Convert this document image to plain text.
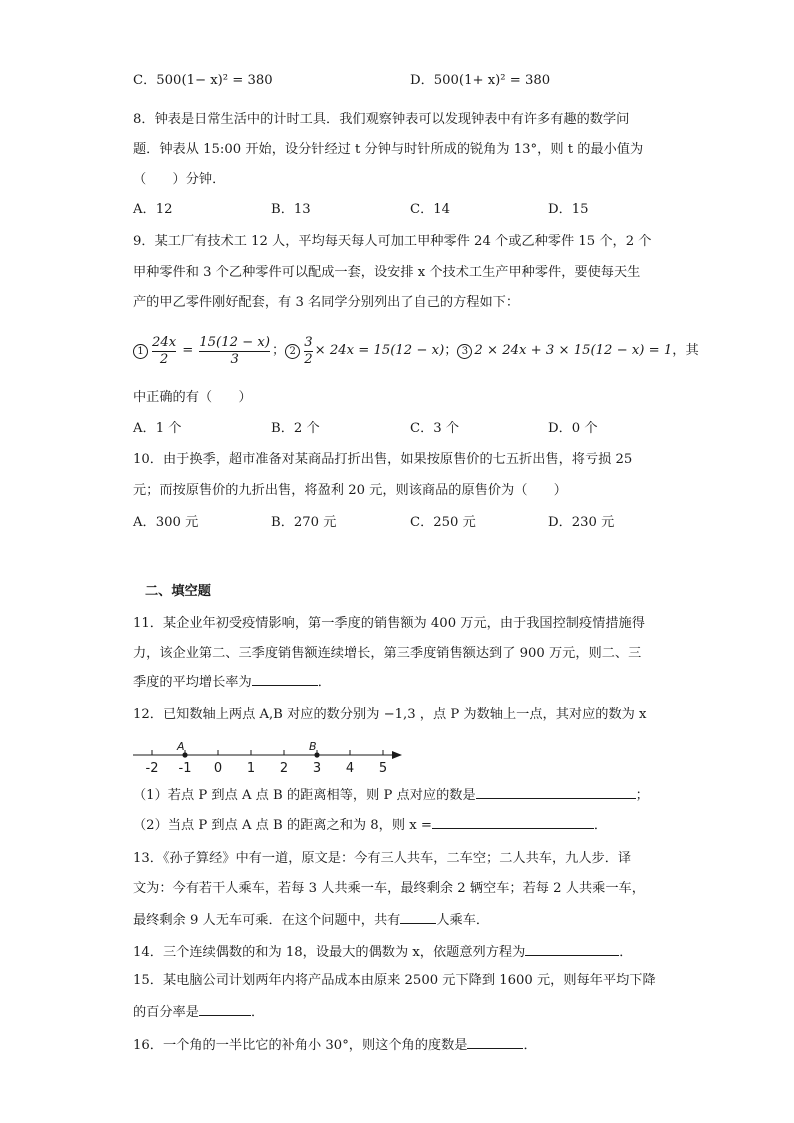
C．500(1− x)² = 380	D．500(1+ x)² = 380
8．钟表是日常生活中的计时工具．我们观察钟表可以发现钟表中有许多有趣的数学问
题．钟表从 15:00 开始，设分针经过 t 分钟与时针所成的锐角为 13°，则 t 的最小值为
（　　）分钟．
A．12	B．13	C．14	D．15
9．某工厂有技术工 12 人，平均每天每人可加工甲种零件 24 个或乙种零件 15 个，2 个
甲种零件和 3 个乙种零件可以配成一套，设安排 x 个技术工生产甲种零件，要使每天生
产的甲乙零件刚好配套，有 3 名同学分别列出了自己的方程如下：
$1 \frac{24x}{2} = \frac{15(12 - x)}{3}$ ； $2 \frac{3}{2} \times 24x = 15(12 - x)$ ； 3 2 × 24x + 3 × 15(12 − x) = 1 ，其
中正确的有（　　）
A．1 个	B．2 个	C．3 个	D．0 个
10．由于换季，超市准备对某商品打折出售，如果按原售价的七五折出售，将亏损 25
元；而按原售价的九折出售，将盈利 20 元，则该商品的原售价为（　　）
A．300 元	B．270 元	C．250 元	D．230 元
二、填空题
11．某企业年初受疫情影响，第一季度的销售额为 400 万元，由于我国控制疫情措施得
力，该企业第二、三季度销售额连续增长，第三季度销售额达到了 900 万元，则二、三
季度的平均增长率为	．
12．已知数轴上两点 A,B 对应的数分别为 −1,3 ，点 P 为数轴上一点，其对应的数为 x
-2 -1 0 1 2 3 4 5
A	B
（1）若点 P 到点 A 点 B 的距离相等，则 P 点对应的数是	；
（2）当点 P 到点 A 点 B 的距离之和为 8，则 x =	．
13．《孙子算经》中有一道，原文是：今有三人共车，二车空；二人共车，九人步．译
文为：今有若干人乘车，若每 3 人共乘一车，最终剩余 2 辆空车；若每 2 人共乘一车，
最终剩余 9 人无车可乘．在这个问题中，共有	人乘车．
14．三个连续偶数的和为 18，设最大的偶数为 x，依题意列方程为	．
15．某电脑公司计划两年内将产品成本由原来 2500 元下降到 1600 元，则每年平均下降
的百分率是	．
16．一个角的一半比它的补角小 30°，则这个角的度数是	．
